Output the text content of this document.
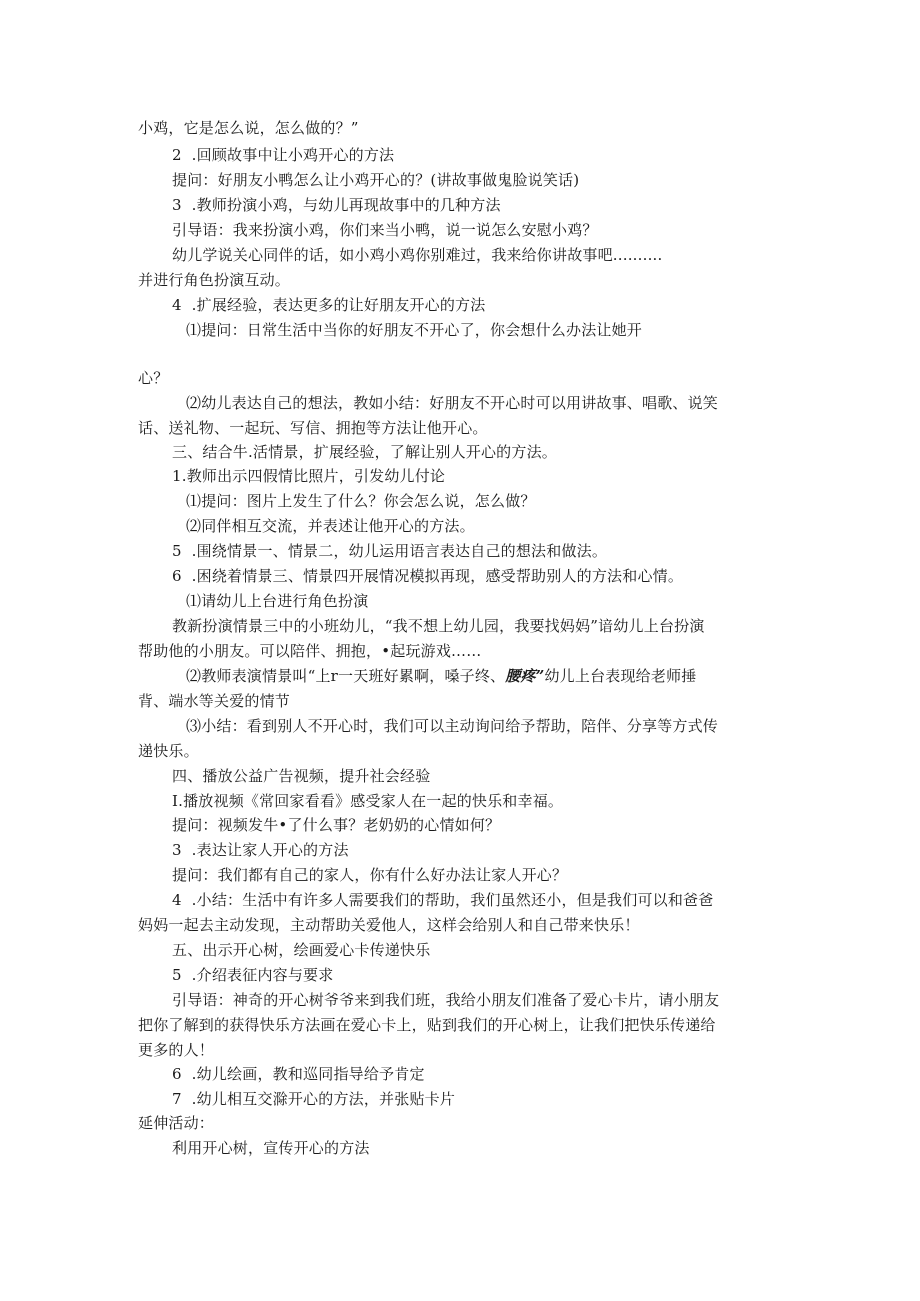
小鸡，它是怎么说，怎么做的？”
2  .回顾故事中让小鸡开心的方法
提问：好朋友小鸭怎么让小鸡开心的？(讲故事做鬼脸说笑话)
3  .教师扮演小鸡，与幼儿再现故事中的几种方法
引导语：我来扮演小鸡，你们来当小鸭，说一说怎么安慰小鸡？
幼儿学说关心同伴的话，如小鸡小鸡你别难过，我来给你讲故事吧..........
并进行角色扮演互动。
4  .扩展经验，表达更多的让好朋友开心的方法
⑴提问：日常生活中当你的好朋友不开心了，你会想什么办法让她开
心？
⑵幼儿表达自己的想法，教如小结：好朋友不开心时可以用讲故事、唱歌、说笑
话、送礼物、一起玩、写信、拥抱等方法让他开心。
三、结合牛.活情景，扩展经验，了解让别人开心的方法。
1.教师出示四假情比照片，引发幼儿付论
⑴提问：图片上发生了什么？你会怎么说，怎么做？
⑵同伴相互交流，并表述让他开心的方法。
5  .围绕情景一、情景二，幼儿运用语言表达自己的想法和做法。
6  .困绕着情景三、情景四开展情况模拟再现，感受帮助别人的方法和心情。
⑴请幼儿上台进行角色扮演
教新扮演情景三中的小班幼儿，“我不想上幼儿园，我要找妈妈”谙幼儿上台扮演
帮助他的小朋友。可以陪伴、拥抱，•起玩游戏……
⑵教师表演情景叫“上r一天班好累啊，嗓子终、腰疼”幼儿上台表现给老师捶
背、端水等关爱的情节
⑶小结：看到别人不开心时，我们可以主动询问给予帮助，陪伴、分享等方式传
递快乐。
四、播放公益广告视频，提升社会经验
I.播放视频《常回家看看》感受家人在一起的快乐和幸福。
提问：视频发牛•了什么事？老奶奶的心情如何？
3  .表达让家人开心的方法
提问：我们都有自己的家人，你有什么好办法让家人开心？
4  .小结：生活中有许多人需要我们的帮助，我们虽然还小，但是我们可以和爸爸
妈妈一起去主动发现，主动帮助关爱他人，这样会给别人和自己带来快乐！
五、出示开心树，绘画爱心卡传递快乐
5  .介绍表征内容与要求
引导语：神奇的开心树爷爷来到我们班，我给小朋友们准备了爱心卡片，请小朋友
把你了解到的获得快乐方法画在爱心卡上，贴到我们的开心树上，让我们把快乐传递给
更多的人！
6  .幼儿绘画，教和巡同指导给予肯定
7  .幼儿相互交滁开心的方法，并张贴卡片
延伸活动：
利用开心树，宣传开心的方法
